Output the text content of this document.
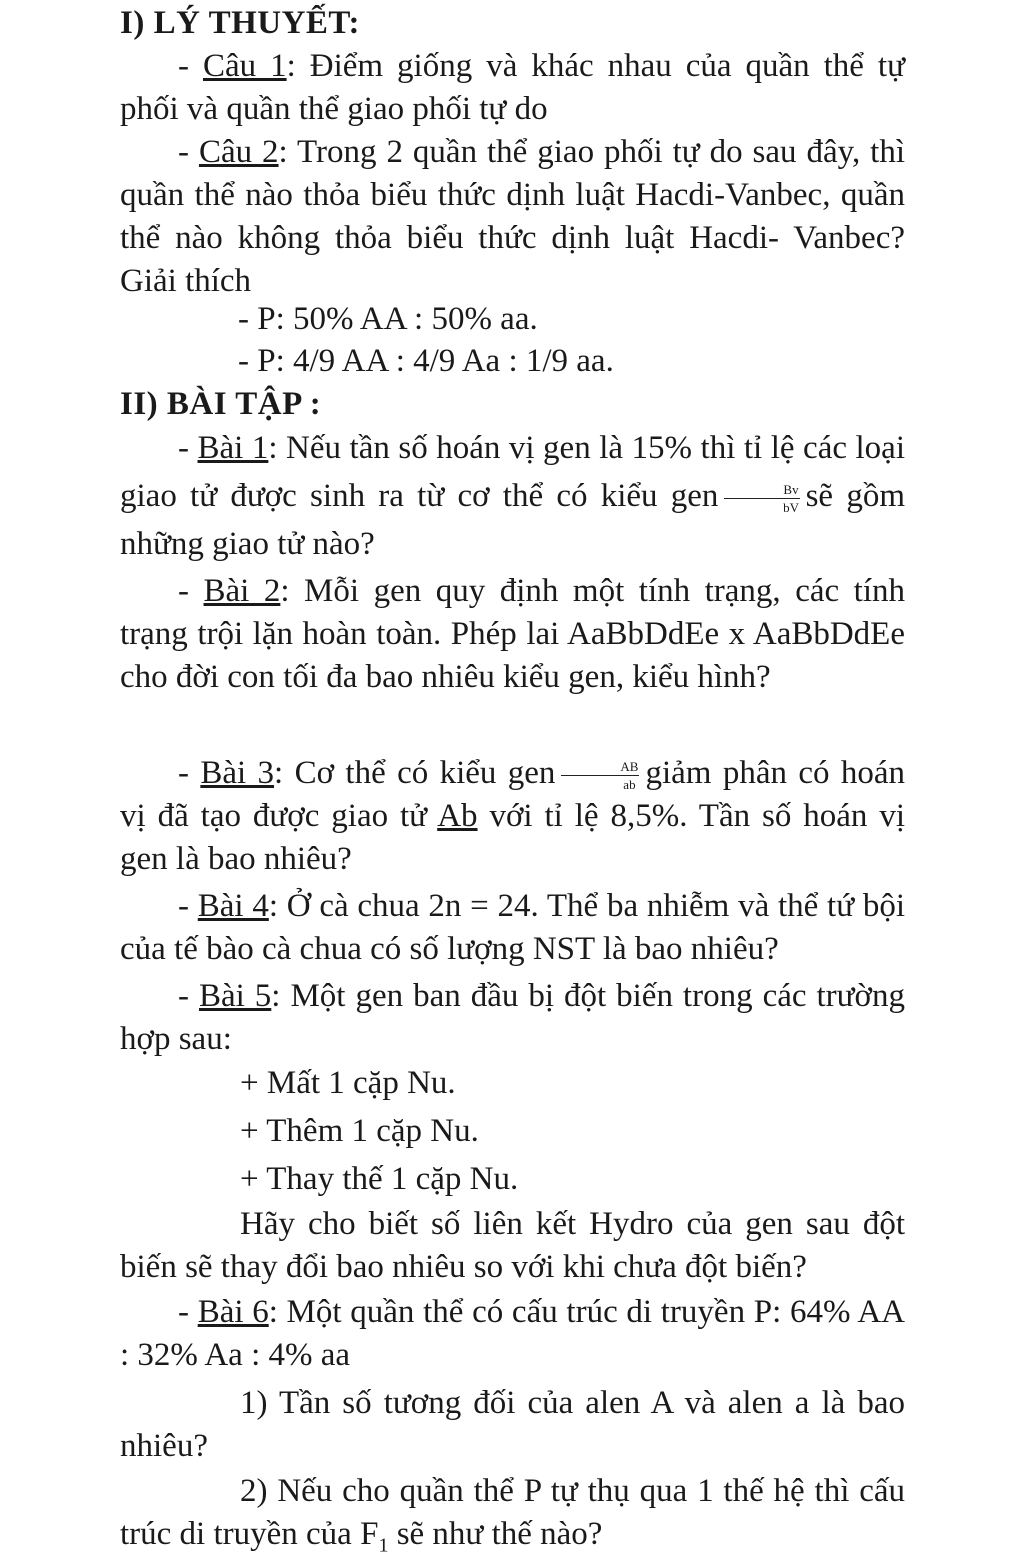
I) LÝ THUYẾT:

- Câu 1: Điểm giống và khác nhau của quần thể tự phối và quần thể giao phối tự do

- Câu 2: Trong 2 quần thể giao phối tự do sau đây, thì quần thể nào thỏa biểu thức dịnh luật Hacdi-Vanbec, quần thể nào không thỏa biểu thức dịnh luật Hacdi- Vanbec? Giải thích

- P: 50% AA : 50% aa.
- P: 4/9 AA : 4/9 Aa : 1/9 aa.
II) BÀI TẬP :

- Bài 1: Nếu tần số hoán vị gen là 15% thì tỉ lệ các loại giao tử được sinh ra từ cơ thể có kiểu gen $\frac{Bv}{bV}$ sẽ gồm những giao tử nào?

- Bài 2: Mỗi gen quy định một tính trạng, các tính trạng trội lặn hoàn toàn. Phép lai AaBbDdEe x AaBbDdEe cho đời con tối đa bao nhiêu kiểu gen, kiểu hình?

- Bài 3: Cơ thể có kiểu gen $\frac{AB}{ab}$ giảm phân có hoán vị đã tạo được giao tử Ab với tỉ lệ 8,5%. Tần số hoán vị gen là bao nhiêu?

- Bài 4: Ở cà chua 2n = 24. Thể ba nhiễm và thể tứ bội của tế bào cà chua có số lượng NST là bao nhiêu?

- Bài 5: Một gen ban đầu bị đột biến trong các trường hợp sau:

+ Mất 1 cặp Nu.
+ Thêm 1 cặp Nu.
+ Thay thế 1 cặp Nu.

Hãy cho biết số liên kết Hydro của gen sau đột biến sẽ thay đổi bao nhiêu so với khi chưa đột biến?

- Bài 6: Một quần thể có cấu trúc di truyền P: 64% AA : 32% Aa : 4% aa

1) Tần số tương đối của alen A và alen a là bao nhiêu?

2) Nếu cho quần thể P tự thụ qua 1 thế hệ thì cấu trúc di truyền của $F_1$ sẽ như thế nào?
